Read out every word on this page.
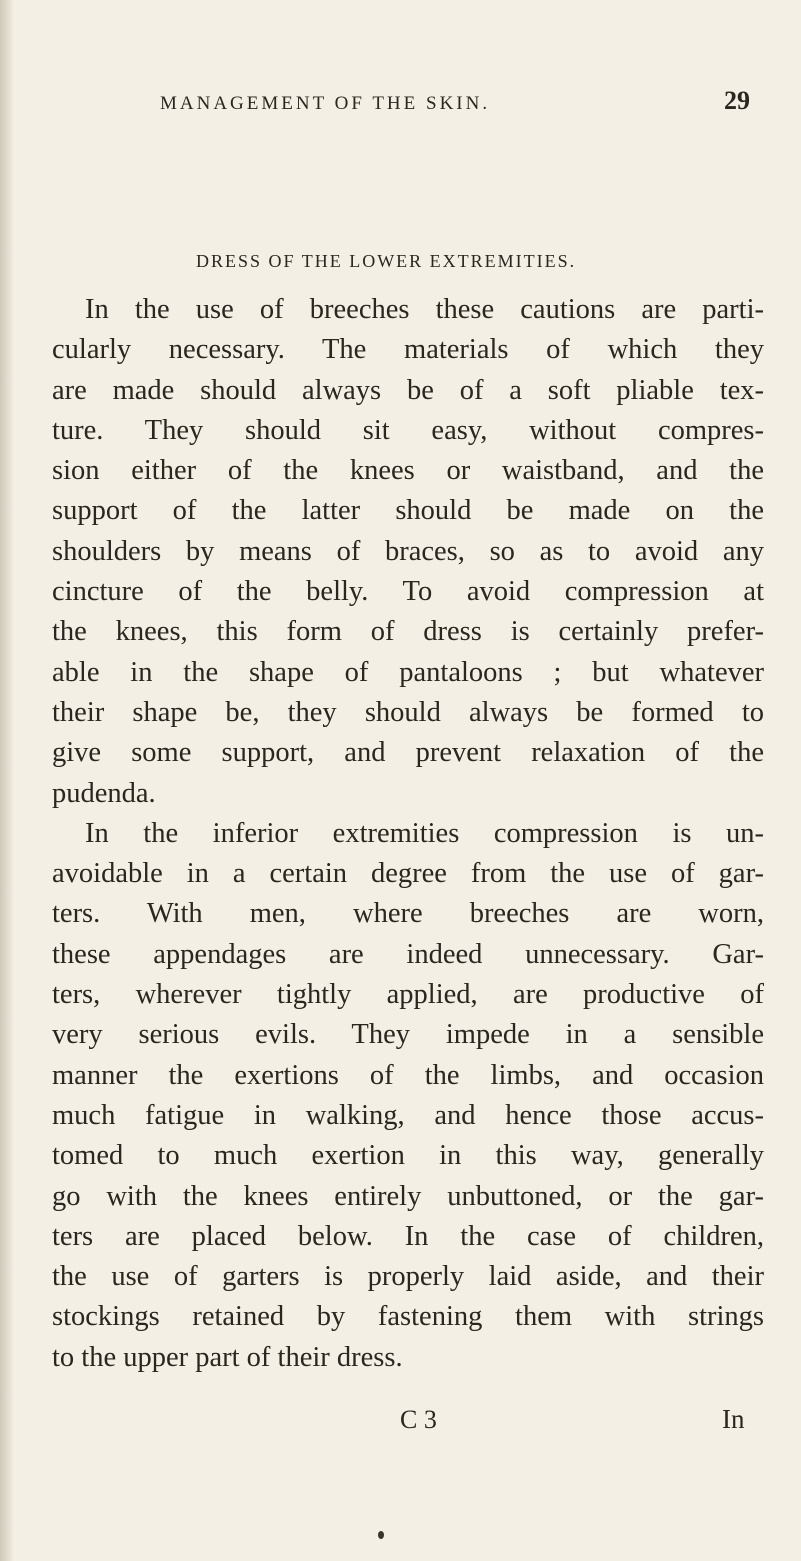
MANAGEMENT OF THE SKIN.	29
DRESS OF THE LOWER EXTREMITIES.
In the use of breeches these cautions are parti-
cularly necessary. The materials of which they
are made should always be of a soft pliable tex-
ture. They should sit easy, without compres-
sion either of the knees or waistband, and the
support of the latter should be made on the
shoulders by means of braces, so as to avoid any
cincture of the belly. To avoid compression at
the knees, this form of dress is certainly prefer-
able in the shape of pantaloons ; but whatever
their shape be, they should always be formed to
give some support, and prevent relaxation of the
pudenda.
In the inferior extremities compression is un-
avoidable in a certain degree from the use of gar-
ters. With men, where breeches are worn,
these appendages are indeed unnecessary. Gar-
ters, wherever tightly applied, are productive of
very serious evils. They impede in a sensible
manner the exertions of the limbs, and occasion
much fatigue in walking, and hence those accus-
tomed to much exertion in this way, generally
go with the knees entirely unbuttoned, or the gar-
ters are placed below. In the case of children,
the use of garters is properly laid aside, and their
stockings retained by fastening them with strings
to the upper part of their dress.
C 3	In
